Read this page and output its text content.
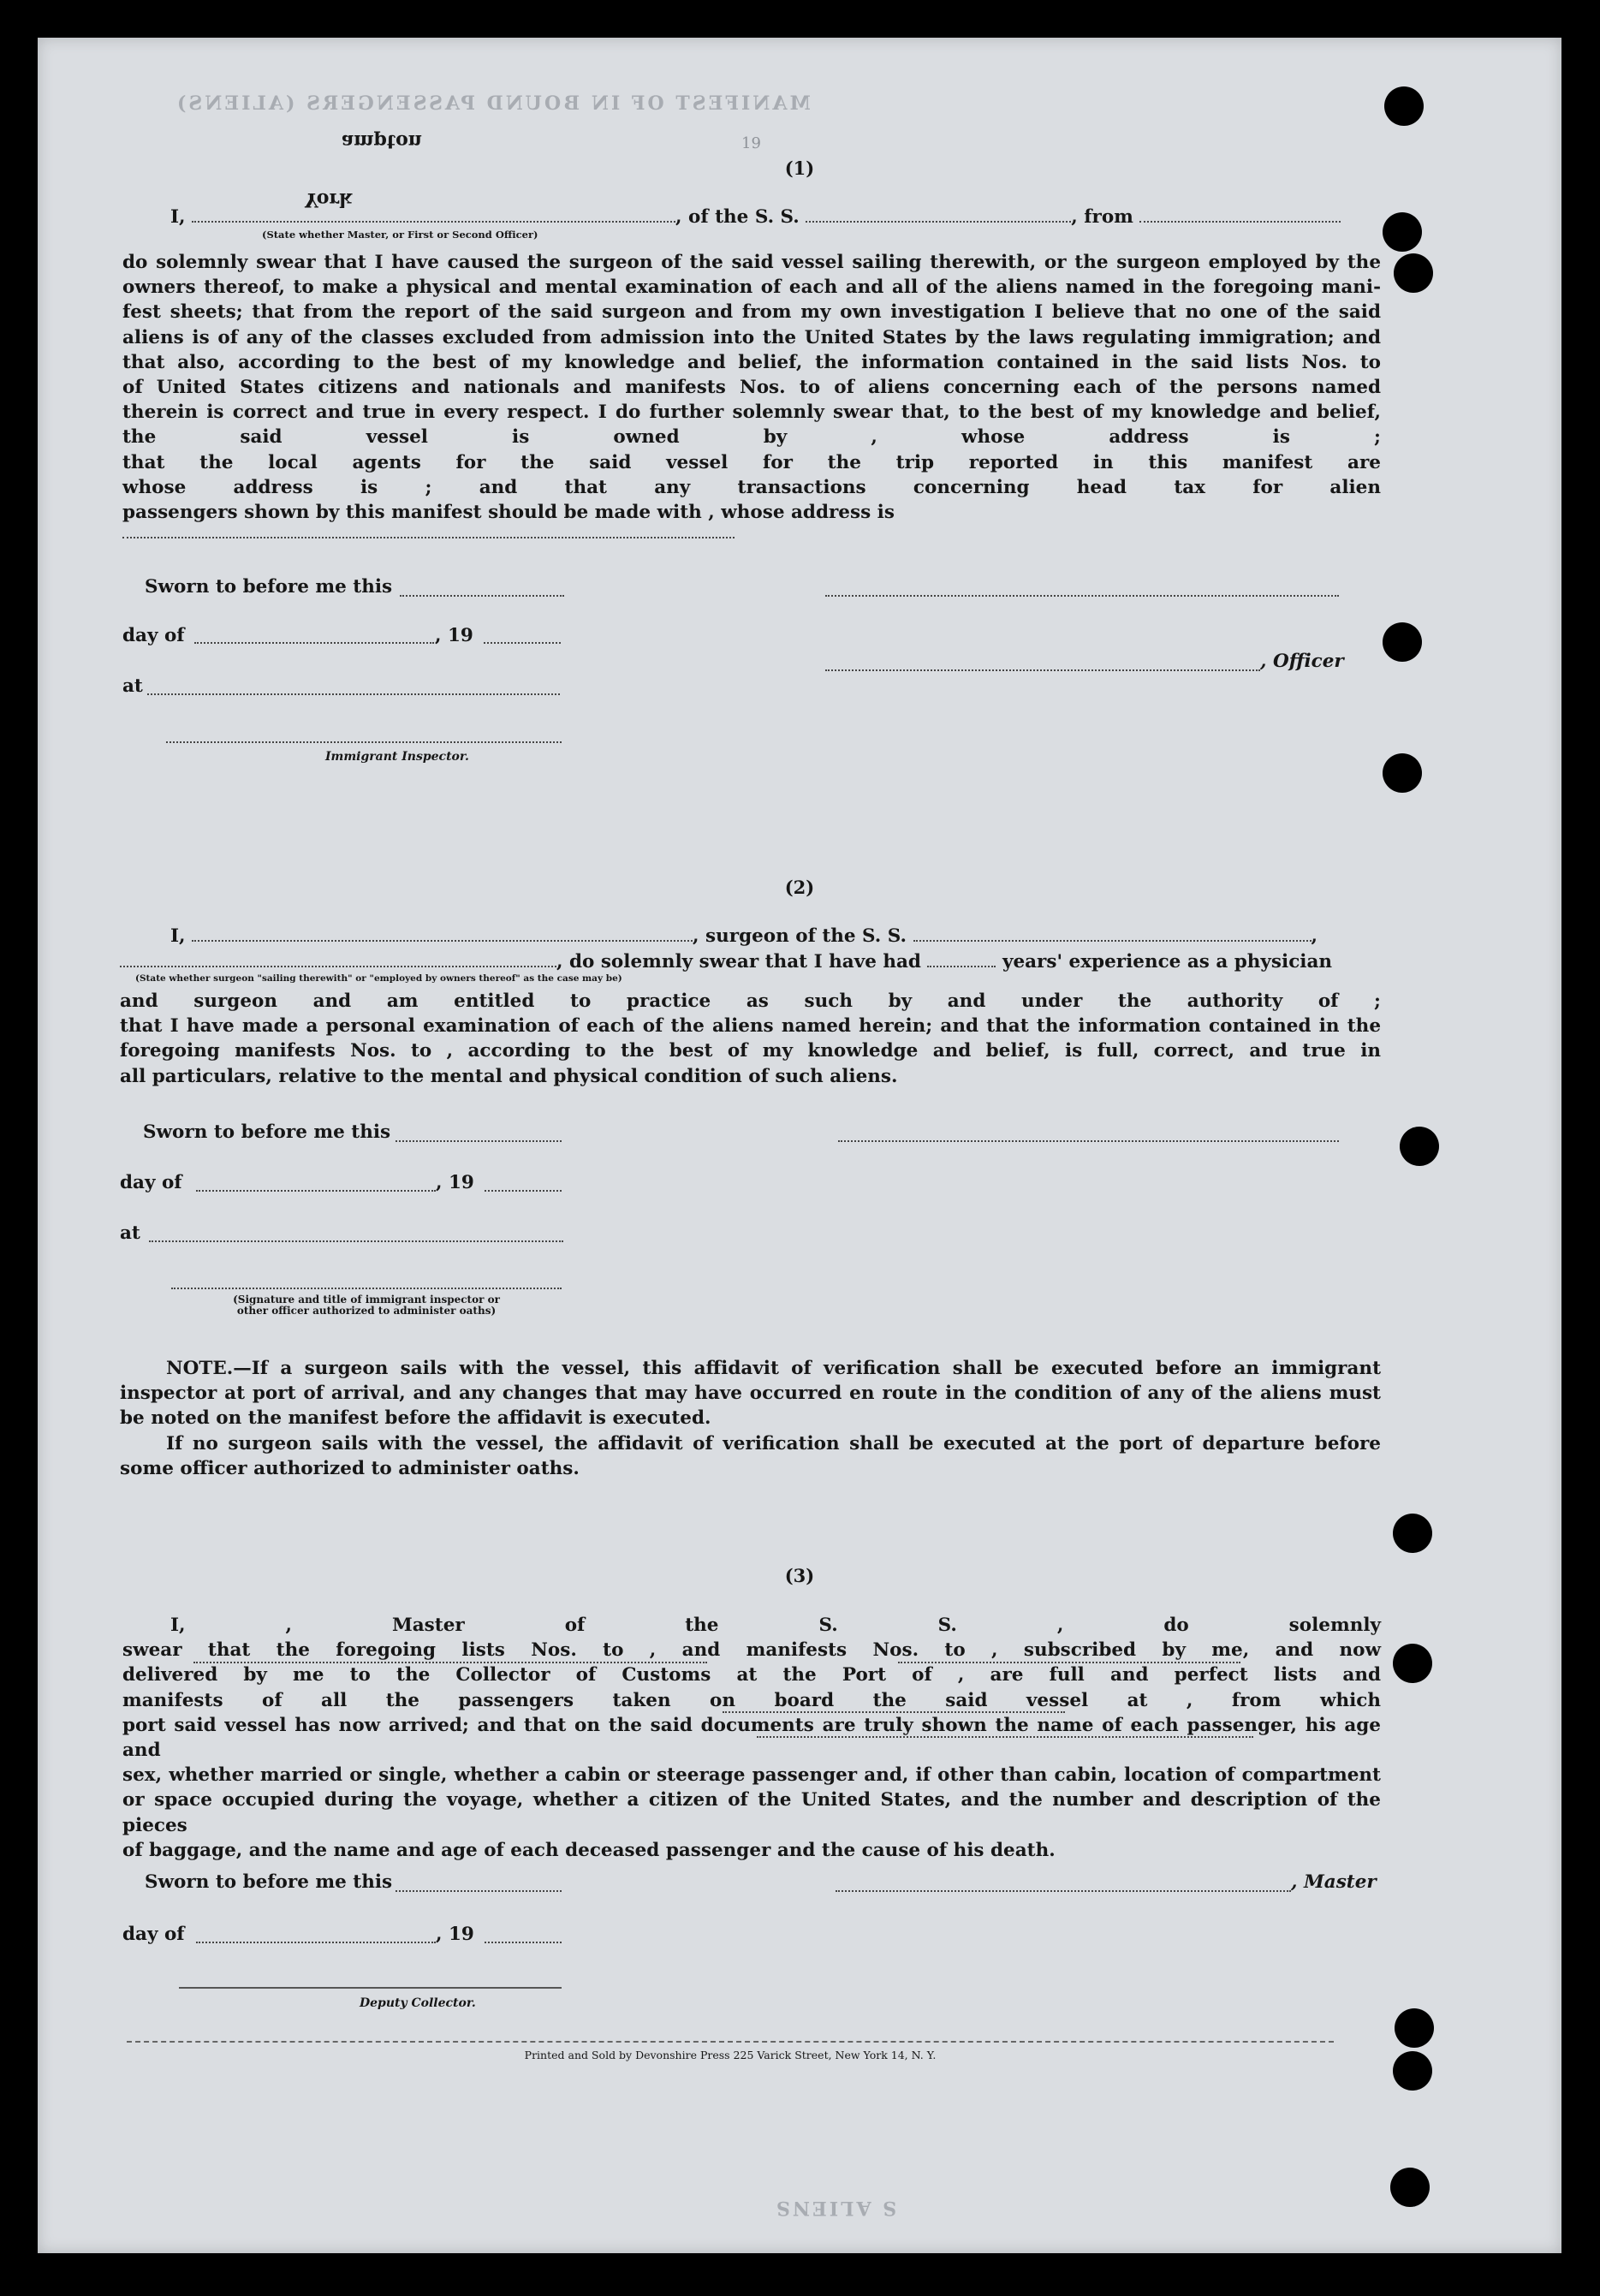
MANIFEST OF IN BOUND PASSENGERS (ALIENS)
ampton
York
19
(1)
I,	, of the S. S.	, from
(State whether Master, or First or Second Officer)
do solemnly swear that I have caused the surgeon of the said vessel sailing therewith, or the surgeon employed by the
owners thereof, to make a physical and mental examination of each and all of the aliens named in the foregoing mani-
fest sheets; that from the report of the said surgeon and from my own investigation I believe that no one of the said
aliens is of any of the classes excluded from admission into the United States by the laws regulating immigration; and
that also, according to the best of my knowledge and belief, the information contained in the said lists Nos. to
of United States citizens and nationals and manifests Nos. to of aliens concerning each of the persons named
therein is correct and true in every respect. I do further solemnly swear that, to the best of my knowledge and belief,
the said vessel is owned by , whose address is ;
that the local agents for the said vessel for the trip reported in this manifest are
whose address is ; and that any transactions concerning head tax for alien
passengers shown by this manifest should be made with , whose address is
Sworn to before me this
day of	, 19
, Officer
at
Immigrant Inspector.
(2)
I,	, surgeon of the S. S.	,
, do solemnly swear that I have had	years' experience as a physician
(State whether surgeon "sailing therewith" or "employed by owners thereof" as the case may be)
and surgeon and am entitled to practice as such by and under the authority of ;
that I have made a personal examination of each of the aliens named herein; and that the information contained in the
foregoing manifests Nos. to , according to the best of my knowledge and belief, is full, correct, and true in
all particulars, relative to the mental and physical condition of such aliens.
Sworn to before me this
day of	, 19
at
(Signature and title of immigrant inspector or
other officer authorized to administer oaths)
NOTE.—If a surgeon sails with the vessel, this affidavit of verification shall be executed before an immigrant
inspector at port of arrival, and any changes that may have occurred en route in the condition of any of the aliens must
be noted on the manifest before the affidavit is executed.
If no surgeon sails with the vessel, the affidavit of verification shall be executed at the port of departure before
some officer authorized to administer oaths.
(3)
I, , Master of the S. S. , do solemnly
swear that the foregoing lists Nos. to , and manifests Nos. to , subscribed by me, and now
delivered by me to the Collector of Customs at the Port of , are full and perfect lists and
manifests of all the passengers taken on board the said vessel at , from which
port said vessel has now arrived; and that on the said documents are truly shown the name of each passenger, his age and
sex, whether married or single, whether a cabin or steerage passenger and, if other than cabin, location of compartment
or space occupied during the voyage, whether a citizen of the United States, and the number and description of the pieces
of baggage, and the name and age of each deceased passenger and the cause of his death.
Sworn to before me this	, Master
day of	, 19
Deputy Collector.
Printed and Sold by Devonshire Press 225 Varick Street, New York 14, N. Y.
S ALIENS
